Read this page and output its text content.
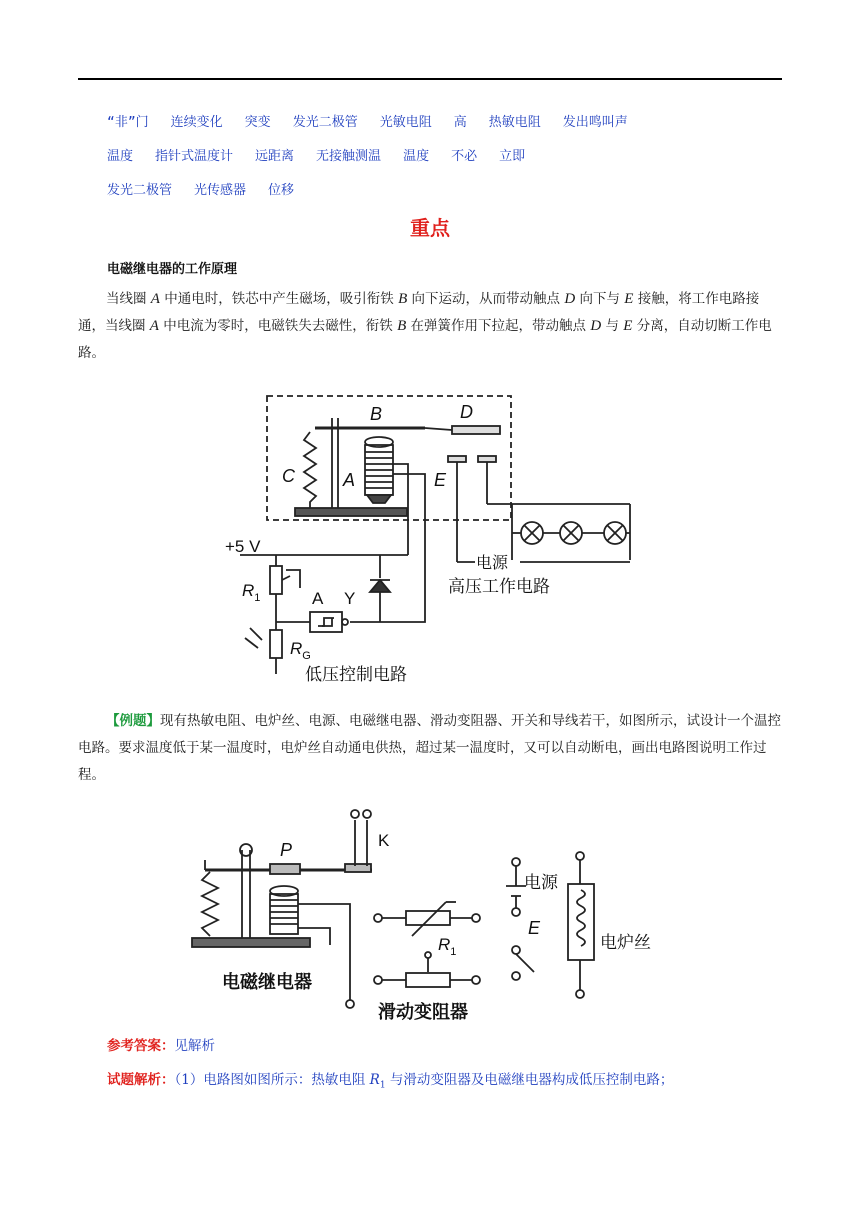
“非”门 连续变化 突变 发光二极管 光敏电阻 高 热敏电阻 发出鸣叫声
温度 指针式温度计 远距离 无接触测温 温度 不必 立即
发光二极管 光传感器 位移
重点
电磁继电器的工作原理
当线圈 A 中通电时，铁芯中产生磁场，吸引衔铁 B 向下运动，从而带动触点 D 向下与 E 接触，将工作电路接通，当线圈 A 中电流为零时，电磁铁失去磁性，衔铁 B 在弹簧作用下拉起，带动触点 D 与 E 分离，自动切断工作电路。
B	D
C	A	E
+5 V
$R_1$	A Y
$R_G$
电源
高压工作电路
低压控制电路
【例题】现有热敏电阻、电炉丝、电源、电磁继电器、滑动变阻器、开关和导线若干，如图所示，试设计一个温控电路。要求温度低于某一温度时，电炉丝自动通电供热，超过某一温度时，又可以自动断电，画出电路图说明工作过程。
P	K
电磁继电器
$R_1$
滑动变阻器
电源
E
电炉丝
参考答案：见解析
试题解析：（1）电路图如图所示：热敏电阻 $R_1$ 与滑动变阻器及电磁继电器构成低压控制电路；
